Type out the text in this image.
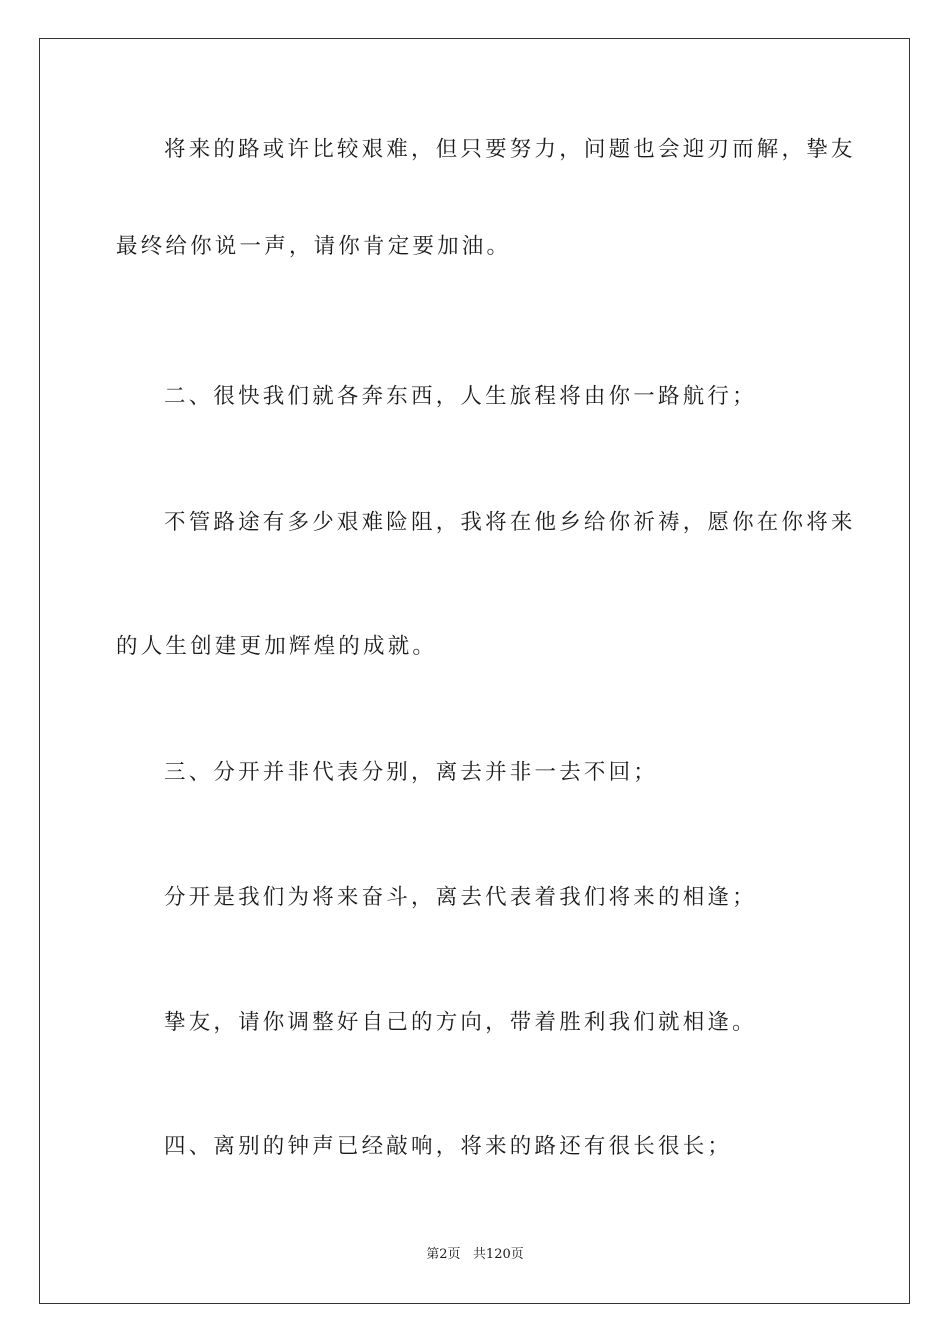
将来的路或许比较艰难，但只要努力，问题也会迎刃而解，挚友
最终给你说一声，请你肯定要加油。
二、很快我们就各奔东西，人生旅程将由你一路航行；
不管路途有多少艰难险阻，我将在他乡给你祈祷，愿你在你将来
的人生创建更加辉煌的成就。
三、分开并非代表分别，离去并非一去不回；
分开是我们为将来奋斗，离去代表着我们将来的相逢；
挚友，请你调整好自己的方向，带着胜利我们就相逢。
四、离别的钟声已经敲响，将来的路还有很长很长；
第2页 共120页
